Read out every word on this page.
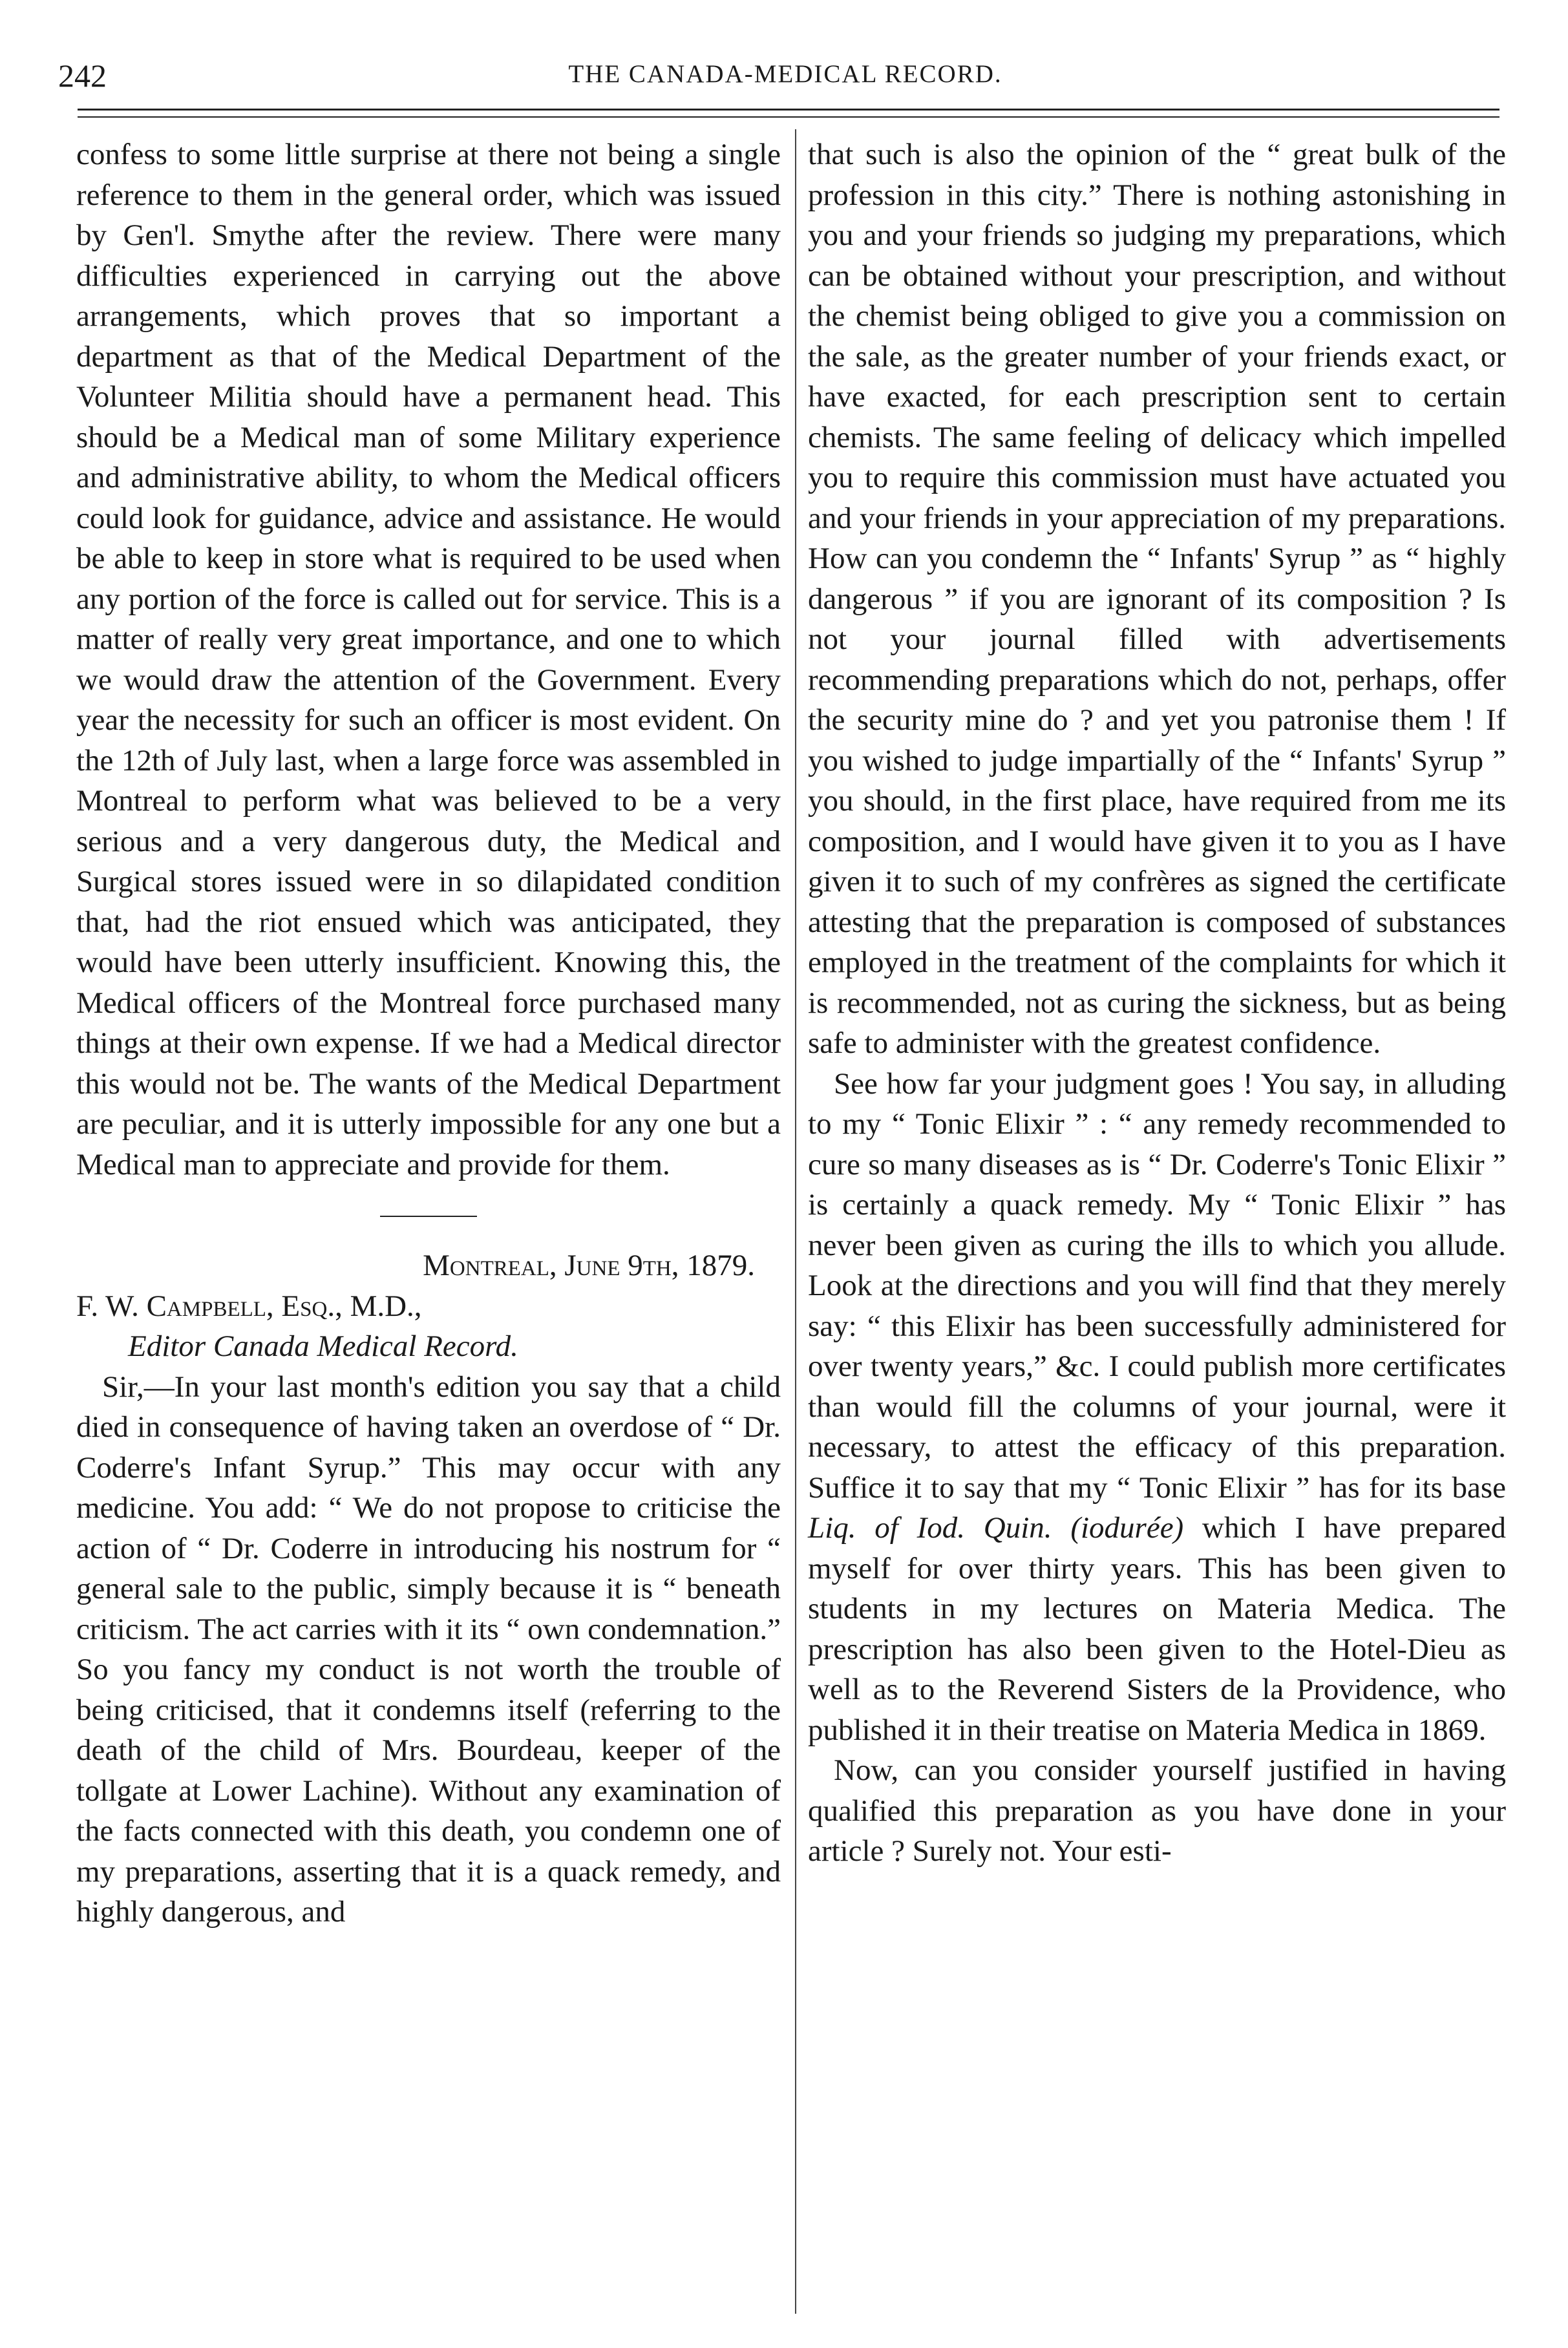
242	THE CANADA-MEDICAL RECORD.

confess to some little surprise at there not being a single reference to them in the general order, which was issued by Gen'l. Smythe after the review. There were many difficulties experienced in carrying out the above arrangements, which proves that so important a department as that of the Medical Department of the Volunteer Militia should have a permanent head. This should be a Medical man of some Military experience and administrative ability, to whom the Medical officers could look for guidance, advice and assistance. He would be able to keep in store what is required to be used when any portion of the force is called out for service. This is a matter of really very great importance, and one to which we would draw the attention of the Government. Every year the necessity for such an officer is most evident. On the 12th of July last, when a large force was assembled in Montreal to perform what was believed to be a very serious and a very dangerous duty, the Medical and Surgical stores issued were in so dilapidated condition that, had the riot ensued which was anticipated, they would have been utterly insufficient. Knowing this, the Medical officers of the Montreal force purchased many things at their own expense. If we had a Medical director this would not be. The wants of the Medical Department are peculiar, and it is utterly impossible for any one but a Medical man to appreciate and provide for them.

Montreal, June 9th, 1879.

F. W. Campbell, Esq., M.D.,

Editor Canada Medical Record.

Sir,—In your last month's edition you say that a child died in consequence of having taken an overdose of “ Dr. Coderre's Infant Syrup.” This may occur with any medicine. You add: “ We do not propose to criticise the action of “ Dr. Coderre in introducing his nostrum for “ general sale to the public, simply because it is “ beneath criticism. The act carries with it its “ own condemnation.” So you fancy my conduct is not worth the trouble of being criticised, that it condemns itself (referring to the death of the child of Mrs. Bourdeau, keeper of the tollgate at Lower Lachine). Without any examination of the facts connected with this death, you condemn one of my preparations, asserting that it is a quack remedy, and highly dangerous, and

that such is also the opinion of the “ great bulk of the profession in this city.” There is nothing astonishing in you and your friends so judging my preparations, which can be obtained without your prescription, and without the chemist being obliged to give you a commission on the sale, as the greater number of your friends exact, or have exacted, for each prescription sent to certain chemists. The same feeling of delicacy which impelled you to require this commission must have actuated you and your friends in your appreciation of my preparations. How can you condemn the “ Infants' Syrup ” as “ highly dangerous ” if you are ignorant of its composition ? Is not your journal filled with advertisements recommending preparations which do not, perhaps, offer the security mine do ? and yet you patronise them ! If you wished to judge impartially of the “ Infants' Syrup ” you should, in the first place, have required from me its composition, and I would have given it to you as I have given it to such of my confrères as signed the certificate attesting that the preparation is composed of substances employed in the treatment of the complaints for which it is recommended, not as curing the sickness, but as being safe to administer with the greatest confidence.

See how far your judgment goes ! You say, in alluding to my “ Tonic Elixir ” : “ any remedy recommended to cure so many diseases as is “ Dr. Coderre's Tonic Elixir ” is certainly a quack remedy. My “ Tonic Elixir ” has never been given as curing the ills to which you allude. Look at the directions and you will find that they merely say: “ this Elixir has been successfully administered for over twenty years,” &c. I could publish more certificates than would fill the columns of your journal, were it necessary, to attest the efficacy of this preparation. Suffice it to say that my “ Tonic Elixir ” has for its base Liq. of Iod. Quin. (iodurée) which I have prepared myself for over thirty years. This has been given to students in my lectures on Materia Medica. The prescription has also been given to the Hotel-Dieu as well as to the Reverend Sisters de la Providence, who published it in their treatise on Materia Medica in 1869.

Now, can you consider yourself justified in having qualified this preparation as you have done in your article ? Surely not. Your esti-
